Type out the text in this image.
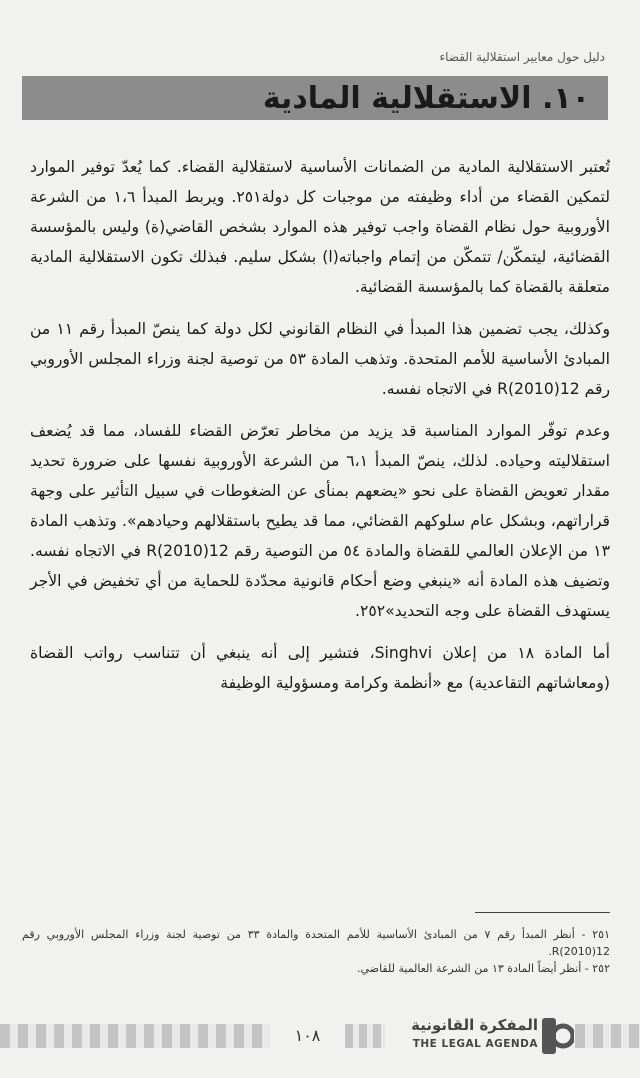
دليل حول معايير استقلالية القضاء
١٠. الاستقلالية المادية

تُعتبر الاستقلالية المادية من الضمانات الأساسية لاستقلالية القضاء. كما يُعدّ توفير الموارد لتمكين القضاء من أداء وظيفته من موجبات كل دولة٢٥١. ويربط المبدأ ١،٦ من الشرعة الأوروبية حول نظام القضاة واجب توفير هذه الموارد بشخص القاضي(ة) وليس بالمؤسسة القضائية، ليتمكّن/ تتمكّن من إتمام واجباته(ا) بشكل سليم. فبذلك تكون الاستقلالية المادية متعلقة بالقضاة كما بالمؤسسة القضائية.

وكذلك، يجب تضمين هذا المبدأ في النظام القانوني لكل دولة كما ينصّ المبدأ رقم ١١ من المبادئ الأساسية للأمم المتحدة. وتذهب المادة ٥٣ من توصية لجنة وزراء المجلس الأوروبي رقم R(2010)12 في الاتجاه نفسه.

وعدم توفّر الموارد المناسبة قد يزيد من مخاطر تعرّض القضاء للفساد، مما قد يُضعف استقلاليته وحياده. لذلك، ينصّ المبدأ ٦،١ من الشرعة الأوروبية نفسها على ضرورة تحديد مقدار تعويض القضاة على نحو «يضعهم بمنأى عن الضغوطات في سبيل التأثير على وجهة قراراتهم، وبشكل عام سلوكهم القضائي، مما قد يطيح باستقلالهم وحيادهم». وتذهب المادة ١٣ من الإعلان العالمي للقضاة والمادة ٥٤ من التوصية رقم R(2010)12 في الاتجاه نفسه. وتضيف هذه المادة أنه «ينبغي وضع أحكام قانونية محدّدة للحماية من أي تخفيض في الأجر يستهدف القضاة على وجه التحديد»٢٥٢.

أما المادة ١٨ من إعلان Singhvi، فتشير إلى أنه ينبغي أن تتناسب رواتب القضاة (ومعاشاتهم التقاعدية) مع «أنظمة وكرامة ومسؤولية الوظيفة

٢٥١ - أنظر المبدأ رقم ٧ من المبادئ الأساسية للأمم المتحدة والمادة ٣٣ من توصية لجنة وزراء المجلس الأوروبي رقم R(2010)12.

٢٥٢ - أنظر أيضاً المادة ١٣ من الشرعة العالمية للقاضي.

١٠٨
المفكرة القانونية
THE LEGAL AGENDA
